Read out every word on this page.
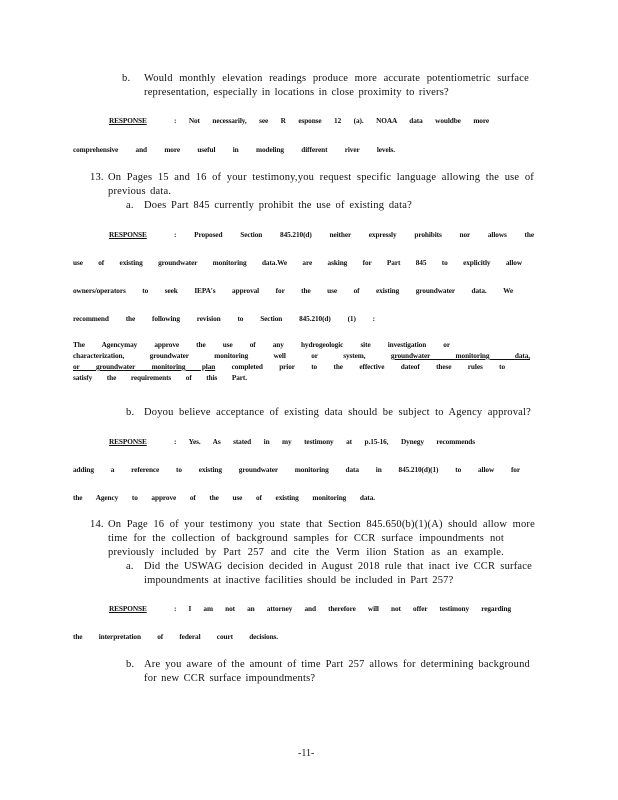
b. Would monthly elevation readings produce more accurate potentiometric surface
representation, especially in locations in close proximity to rivers?
RESPONSE	: Not necessarily, see R esponse 12 (a). NOAA data wouldbe more
comprehensive and more useful in modeling different river levels.
13. On Pages 15 and 16 of your testimony,you request specific language allowing the use of
previous data.
a. Does Part 845 currently prohibit the use of existing data?
RESPONSE	: Proposed Section 845.210(d) neither expressly prohibits nor allows the
use of existing groundwater monitoring data.We are asking for Part 845 to explicitly allow
owners/operators to seek IEPA's approval for the use of existing groundwater data. We
recommend the following revision to Section 845.210(d) (1) :
The Agencymay approve the use of any hydrogeologic site investigation or
characterization, groundwater monitoring well or system,	groundwater monitoring data,
or groundwater monitoring plan completed prior to the effective dateof these rules to
satisfy the requirements of this Part.
b. Doyou believe acceptance of existing data should be subject to Agency approval?
RESPONSE	: Yes. As stated in my testimony at p.15-16, Dynegy recommends
adding a reference to existing groundwater monitoring data in 845.210(d)(1) to allow for
the Agency to approve of the use of existing monitoring data.
14. On Page 16 of your testimony you state that Section 845.650(b)(1)(A) should allow more
time for the collection of background samples for CCR surface impoundments not
previously included by Part 257 and cite the Verm ilion Station as an example.
a. Did the USWAG decision decided in August 2018 rule that inact ive CCR surface
impoundments at inactive facilities should be included in Part 257?
RESPONSE	: I am not an attorney and therefore will not offer testimony regarding
the interpretation of federal court decisions.
b. Are you aware of the amount of time Part 257 allows for determining background
for new CCR surface impoundments?
-11-
